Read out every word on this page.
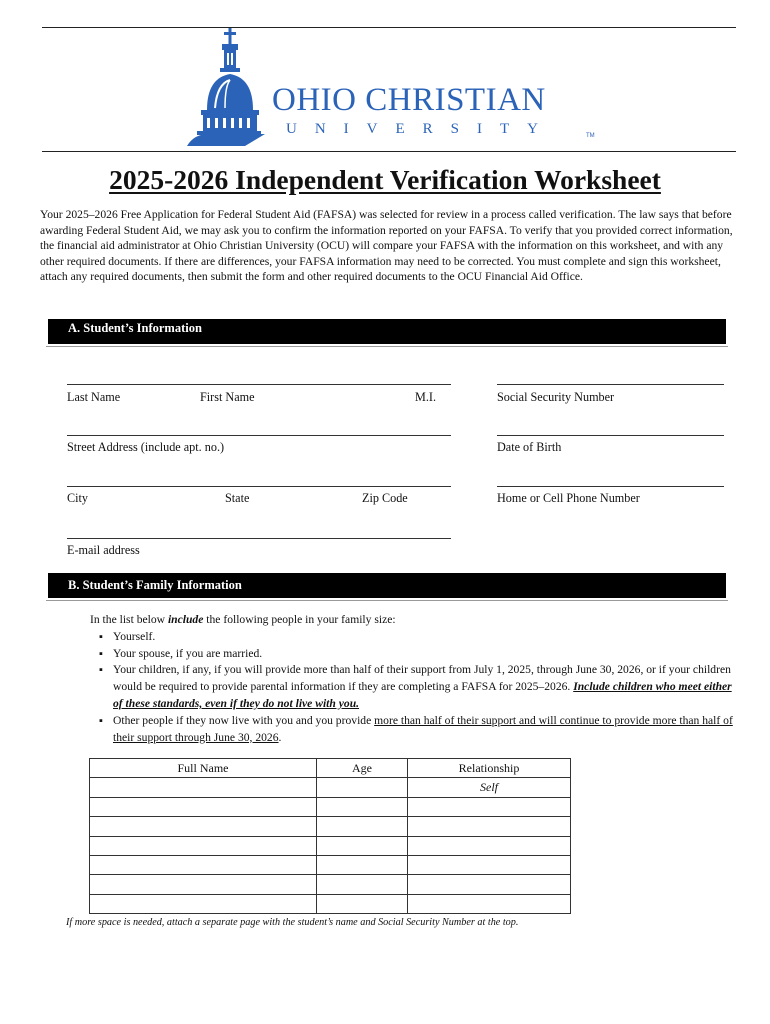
OHIO CHRISTIAN
UNIVERSITY	TM
2025-2026 Independent Verification Worksheet
Your 2025–2026 Free Application for Federal Student Aid (FAFSA) was selected for review in a process called verification. The law says that before awarding Federal Student Aid, we may ask you to confirm the information reported on your FAFSA. To verify that you provided correct information, the financial aid administrator at Ohio Christian University (OCU) will compare your FAFSA with the information on this worksheet, and with any other required documents. If there are differences, your FAFSA information may need to be corrected. You must complete and sign this worksheet, attach any required documents, then submit the form and other required documents to the OCU Financial Aid Office.
A. Student’s Information
Last Name	First Name	M.I.	Social Security Number
Street Address (include apt. no.)	Date of Birth
City	State	Zip Code	Home or Cell Phone Number
E-mail address
B. Student’s Family Information
In the list below include the following people in your family size:
▪ Yourself.
▪ Your spouse, if you are married.
▪ Your children, if any, if you will provide more than half of their support from July 1, 2025, through June 30, 2026, or if your children would be required to provide parental information if they are completing a FAFSA for 2025–2026. Include children who meet either of these standards, even if they do not live with you.
▪ Other people if they now live with you and you provide more than half of their support and will continue to provide more than half of their support through June 30, 2026.
Full Name	Age	Relationship
		Self

If more space is needed, attach a separate page with the student’s name and Social Security Number at the top.
